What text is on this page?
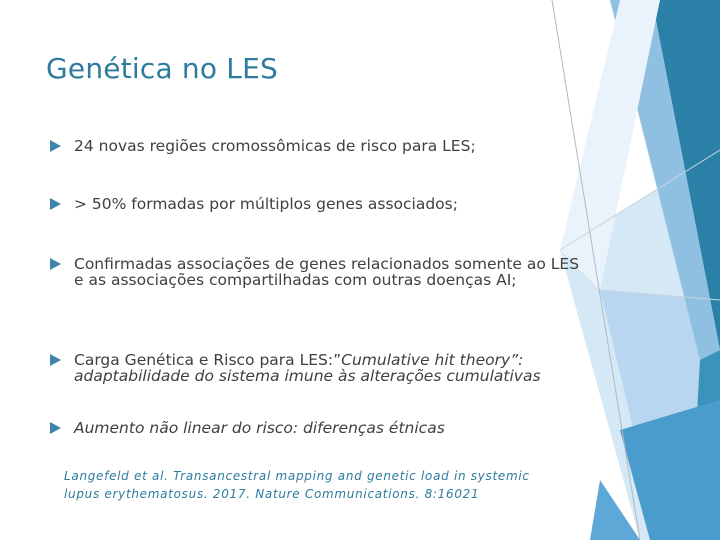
Genética no LES
24 novas regiões cromossômicas de risco para LES;
> 50% formadas por múltiplos genes associados;
Confirmadas associações de genes relacionados somente ao LES e as associações compartilhadas com outras doenças AI;
Carga Genética e Risco para LES:”Cumulative hit theory”: adaptabilidade do sistema imune às alterações cumulativas
Aumento não linear do risco: diferenças étnicas
Langefeld et al. Transancestral mapping and genetic load in systemic lupus erythematosus. 2017. Nature Communications. 8:16021
